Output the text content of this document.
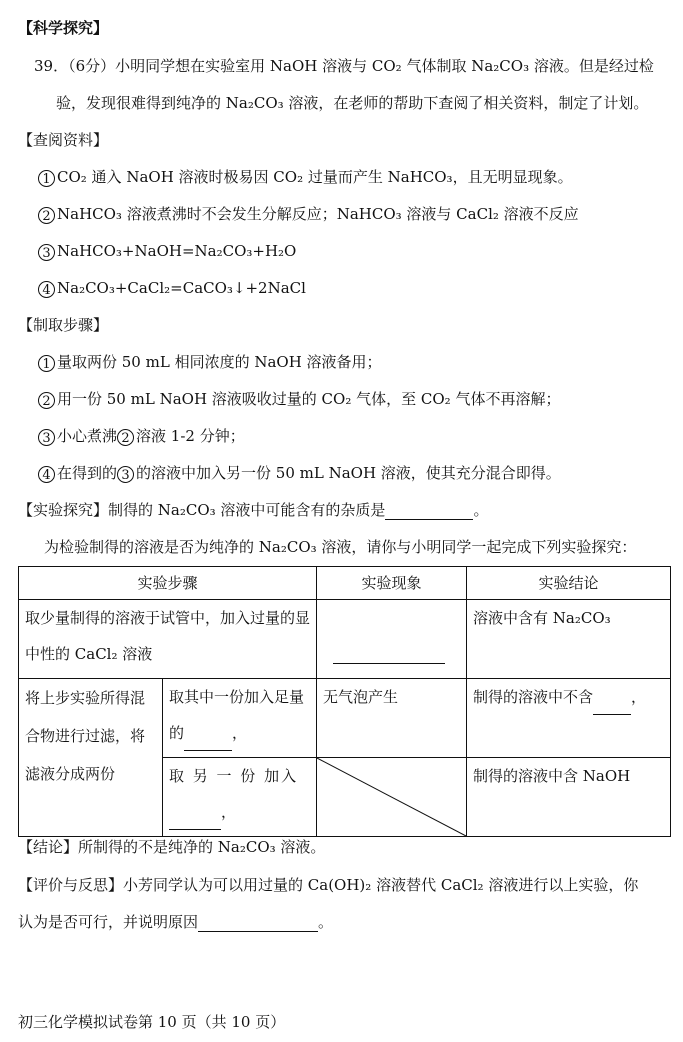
【科学探究】
39．（6分）小明同学想在实验室用 NaOH 溶液与 CO₂ 气体制取 Na₂CO₃ 溶液。但是经过检
验，发现很难得到纯净的 Na₂CO₃ 溶液，在老师的帮助下查阅了相关资料，制定了计划。
【查阅资料】
1 CO₂ 通入 NaOH 溶液时极易因 CO₂ 过量而产生 NaHCO₃，且无明显现象。
2 NaHCO₃ 溶液煮沸时不会发生分解反应；NaHCO₃ 溶液与 CaCl₂ 溶液不反应
3 NaHCO₃+NaOH=Na₂CO₃+H₂O
4 Na₂CO₃+CaCl₂=CaCO₃↓+2NaCl
【制取步骤】
1 量取两份 50 mL 相同浓度的 NaOH 溶液备用；
2 用一份 50 mL NaOH 溶液吸收过量的 CO₂ 气体，至 CO₂ 气体不再溶解；
3 小心煮沸 2 溶液 1-2 分钟；
4 在得到的 3 的溶液中加入另一份 50 mL NaOH 溶液，使其充分混合即得。
【实验探究】制得的 Na₂CO₃ 溶液中可能含有的杂质是	。
为检验制得的溶液是否为纯净的 Na₂CO₃ 溶液，请你与小明同学一起完成下列实验探究：
实验步骤		实验现象	实验结论
取少量制得的溶液于试管中，加入过量的显中性的 CaCl₂ 溶液			溶液中含有 Na₂CO₃
将上步实验所得混合物进行过滤，将滤液分成两份	取其中一份加入足量的 ，	无气泡产生	制得的溶液中不含 ，
	取 另 一 份 加入，		制得的溶液中含 NaOH
【结论】所制得的不是纯净的 Na₂CO₃ 溶液。
【评价与反思】小芳同学认为可以用过量的 Ca(OH)₂ 溶液替代 CaCl₂ 溶液进行以上实验，你
认为是否可行，并说明原因	。
初三化学模拟试卷第 10 页（共 10 页）
